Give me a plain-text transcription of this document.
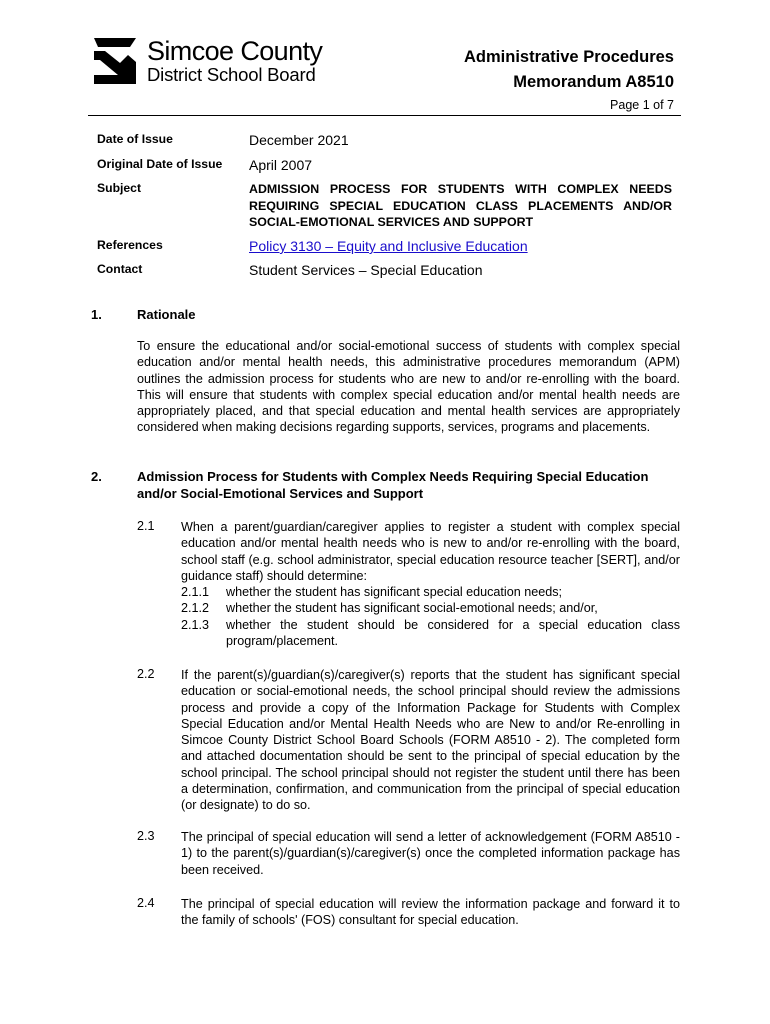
Simcoe County
District School Board
Administrative Procedures
Memorandum A8510
Page 1 of 7
Date of Issue	December 2021
Original Date of Issue April 2007
Subject	ADMISSION PROCESS FOR STUDENTS WITH COMPLEX NEEDS REQUIRING SPECIAL EDUCATION CLASS PLACEMENTS AND/OR SOCIAL-EMOTIONAL SERVICES AND SUPPORT
References	Policy 3130 – Equity and Inclusive Education
Contact	Student Services – Special Education
1.	Rationale
To ensure the educational and/or social-emotional success of students with complex special education and/or mental health needs, this administrative procedures memorandum (APM) outlines the admission process for students who are new to and/or re-enrolling with the board. This will ensure that students with complex special education and/or mental health needs are appropriately placed, and that special education and mental health services are appropriately considered when making decisions regarding supports, services, programs and placements.
2.	Admission Process for Students with Complex Needs Requiring Special Education and/or Social-Emotional Services and Support
2.1 When a parent/guardian/caregiver applies to register a student with complex special education and/or mental health needs who is new to and/or re-enrolling with the board, school staff (e.g. school administrator, special education resource teacher [SERT], and/or guidance staff) should determine:
2.1.1	whether the student has significant special education needs;
2.1.2	whether the student has significant social-emotional needs; and/or,
2.1.3	whether the student should be considered for a special education class program/placement.
2.2 If the parent(s)/guardian(s)/caregiver(s) reports that the student has significant special education or social-emotional needs, the school principal should review the admissions process and provide a copy of the Information Package for Students with Complex Special Education and/or Mental Health Needs who are New to and/or Re-enrolling in Simcoe County District School Board Schools (FORM A8510 - 2). The completed form and attached documentation should be sent to the principal of special education by the school principal. The school principal should not register the student until there has been a determination, confirmation, and communication from the principal of special education (or designate) to do so.
2.3 The principal of special education will send a letter of acknowledgement (FORM A8510 - 1) to the parent(s)/guardian(s)/caregiver(s) once the completed information package has been received.
2.4 The principal of special education will review the information package and forward it to the family of schools' (FOS) consultant for special education.
